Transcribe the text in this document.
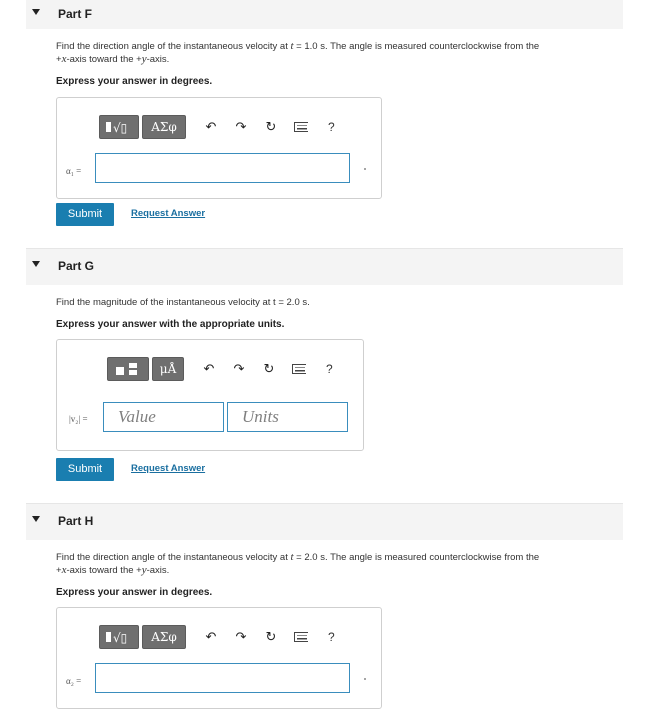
Part F
Find the direction angle of the instantaneous velocity at t = 1.0 s. The angle is measured counterclockwise from the
+x-axis toward the +y-axis.
Express your answer in degrees.
√▯ ΑΣφ ↶ ↷ ↻	?
α₁ =
Submit	Request Answer
Part G
Find the magnitude of the instantaneous velocity at t = 2.0 s.
Express your answer with the appropriate units.
μÅ ↶ ↷ ↻	?
|v₂| =	Value	Units
Submit	Request Answer
Part H
Find the direction angle of the instantaneous velocity at t = 2.0 s. The angle is measured counterclockwise from the
+x-axis toward the +y-axis.
Express your answer in degrees.
√▯ ΑΣφ ↶ ↷ ↻	?
α₂ =
